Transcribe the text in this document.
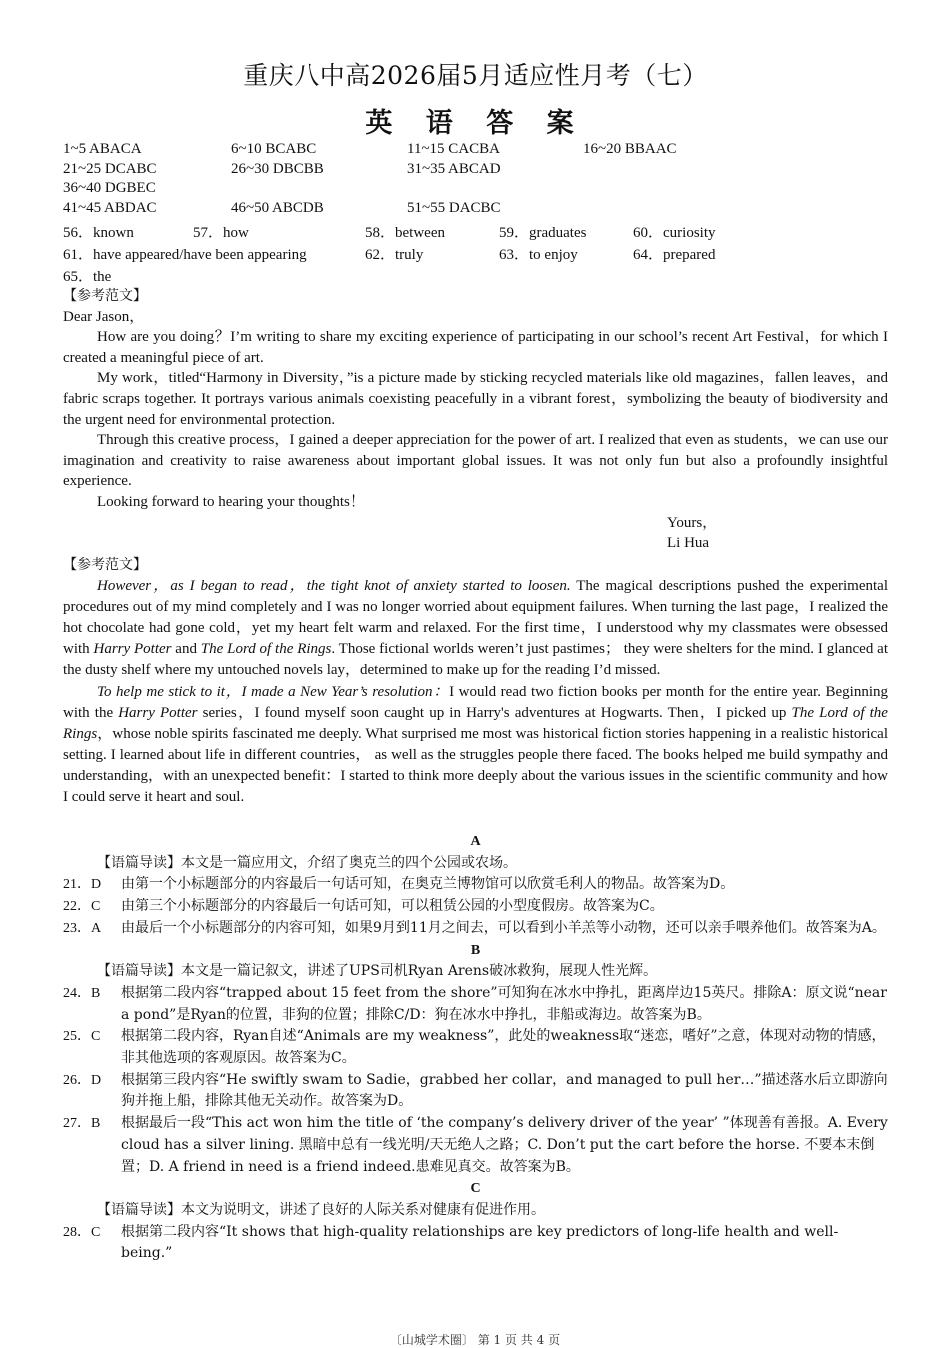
重庆八中高2026届5月适应性月考（七）
英 语 答 案
1~5 ABACA	6~10 BCABC	11~15 CACBA	16~20 BBAAC
21~25 DCABC	26~30 DBCBB	31~35 ABCAD
36~40 DGBEC
41~45 ABDAC	46~50 ABCDB	51~55 DACBC
56．known	57．how	58．between	59．graduates	60．curiosity
61．have appeared/have been appearing	62．truly	63．to enjoy	64．prepared
65．the

【参考范文】

Dear Jason，

How are you doing？I’m writing to share my exciting experience of participating in our school’s recent Art Festival，for which I created a meaningful piece of art.

My work，titled“Harmony in Diversity，”is a picture made by sticking recycled materials like old magazines，fallen leaves，and fabric scraps together. It portrays various animals coexisting peacefully in a vibrant forest，symbolizing the beauty of biodiversity and the urgent need for environmental protection.

Through this creative process，I gained a deeper appreciation for the power of art. I realized that even as students，we can use our imagination and creativity to raise awareness about important global issues. It was not only fun but also a profoundly insightful experience.

Looking forward to hearing your thoughts！

Yours，

Li Hua

【参考范文】

However，as I began to read，the tight knot of anxiety started to loosen. The magical descriptions pushed the experimental procedures out of my mind completely and I was no longer worried about equipment failures. When turning the last page，I realized the hot chocolate had gone cold，yet my heart felt warm and relaxed. For the first time，I understood why my classmates were obsessed with Harry Potter and The Lord of the Rings. Those fictional worlds weren’t just pastimes； they were shelters for the mind. I glanced at the dusty shelf where my untouched novels lay，determined to make up for the reading I’d missed.

To help me stick to it，I made a New Year’s resolution：I would read two fiction books per month for the entire year. Beginning with the Harry Potter series，I found myself soon caught up in Harry's adventures at Hogwarts. Then，I picked up The Lord of the Rings，whose noble spirits fascinated me deeply. What surprised me most was historical fiction stories happening in a realistic historical setting. I learned about life in different countries， as well as the struggles people there faced. The books helped me build sympathy and understanding，with an unexpected benefit：I started to think more deeply about the various issues in the scientific community and how I could serve it heart and soul.

A

【语篇导读】本文是一篇应用文，介绍了奥克兰的四个公园或农场。

21．D 由第一个小标题部分的内容最后一句话可知，在奥克兰博物馆可以欣赏毛利人的物品。故答案为D。

22．C 由第三个小标题部分的内容最后一句话可知，可以租赁公园的小型度假房。故答案为C。

23．A 由最后一个小标题部分的内容可知，如果9月到11月之间去，可以看到小羊羔等小动物，还可以亲手喂养他们。故答案为A。

B

【语篇导读】本文是一篇记叙文，讲述了UPS司机Ryan Arens破冰救狗，展现人性光辉。

24．B 根据第二段内容“trapped about 15 feet from the shore”可知狗在冰水中挣扎，距离岸边15英尺。排除A：原文说“near a pond”是Ryan的位置，非狗的位置；排除C/D：狗在冰水中挣扎，非船或海边。故答案为B。

25．C 根据第二段内容，Ryan自述“Animals are my weakness”，此处的weakness取“迷恋，嗜好”之意，体现对动物的情感，非其他选项的客观原因。故答案为C。

26．D 根据第三段内容“He swiftly swam to Sadie，grabbed her collar，and managed to pull her…”描述落水后立即游向狗并拖上船，排除其他无关动作。故答案为D。

27．B 根据最后一段“This act won him the title of ‘the company’s delivery driver of the year’ ”体现善有善报。A. Every cloud has a silver lining. 黑暗中总有一线光明/天无绝人之路；C. Don’t put the cart before the horse. 不要本末倒置；D. A friend in need is a friend indeed.患难见真交。故答案为B。

C

【语篇导读】本文为说明文，讲述了良好的人际关系对健康有促进作用。

28．C 根据第二段内容“It shows that high-quality relationships are key predictors of long-life health and well-being.”

〔山城学术圈〕 第 1 页 共 4 页
